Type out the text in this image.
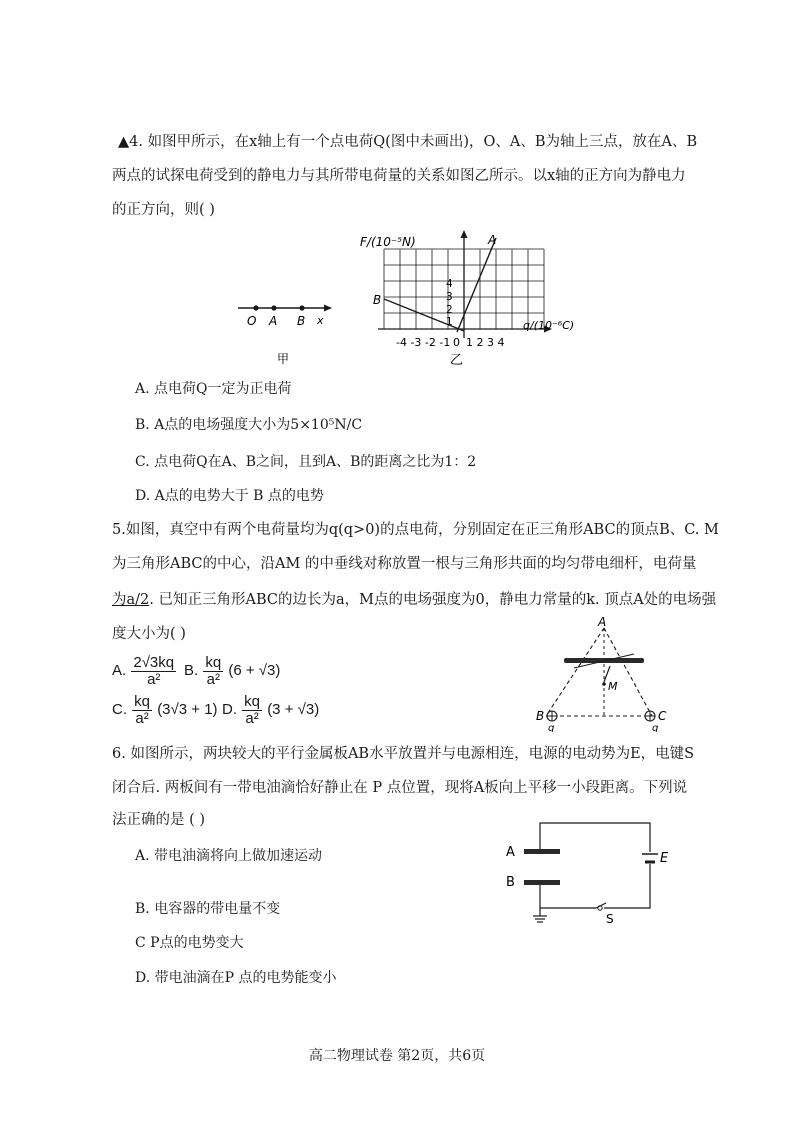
▲4. 如图甲所示，在x轴上有一个点电荷Q(图中未画出)，O、A、B为轴上三点，放在A、B
两点的试探电荷受到的静电力与其所带电荷量的关系如图乙所示。以x轴的正方向为静电力
的正方向，则( )
O A B x
甲
F/(10⁻⁵N)
q/(10⁻⁶C)
4
3
2
1
-4 -3 -2 -1 0 1 2 3 4
A
B
乙
A. 点电荷Q一定为正电荷
B. A点的电场强度大小为5×10⁵N/C
C. 点电荷Q在A、B之间，且到A、B的距离之比为1：2
D. A点的电势大于 B 点的电势
5.如图，真空中有两个电荷量均为q(q>0)的点电荷，分别固定在正三角形ABC的顶点B、C. M
为三角形ABC的中心，沿AM 的中垂线对称放置一根与三角形共面的均匀带电细杆，电荷量
为a/2. 已知正三角形ABC的边长为a，M点的电场强度为0，静电力常量的k. 顶点A处的电场强
度大小为( )
A. $\frac{2√3kq}{\text{a²}} B$. $\frac{kq}{\text{a²}} (6 + √3)$
C. $\frac{kq}{\text{a²}} (3√3 + 1)$ D. $\frac{kq}{\text{a²}} (3 + √3)$
A
M
B	C
q	q
6. 如图所示，两块较大的平行金属板AB水平放置并与电源相连，电源的电动势为E，电键S
闭合后. 两板间有一带电油滴恰好静止在 P 点位置，现将A板向上平移一小段距离。下列说
法正确的是 ( )
A. 带电油滴将向上做加速运动
B. 电容器的带电量不变
C P点的电势变大
D. 带电油滴在P 点的电势能变小
A
B
E
S
高二物理试卷 第2页，共6页
